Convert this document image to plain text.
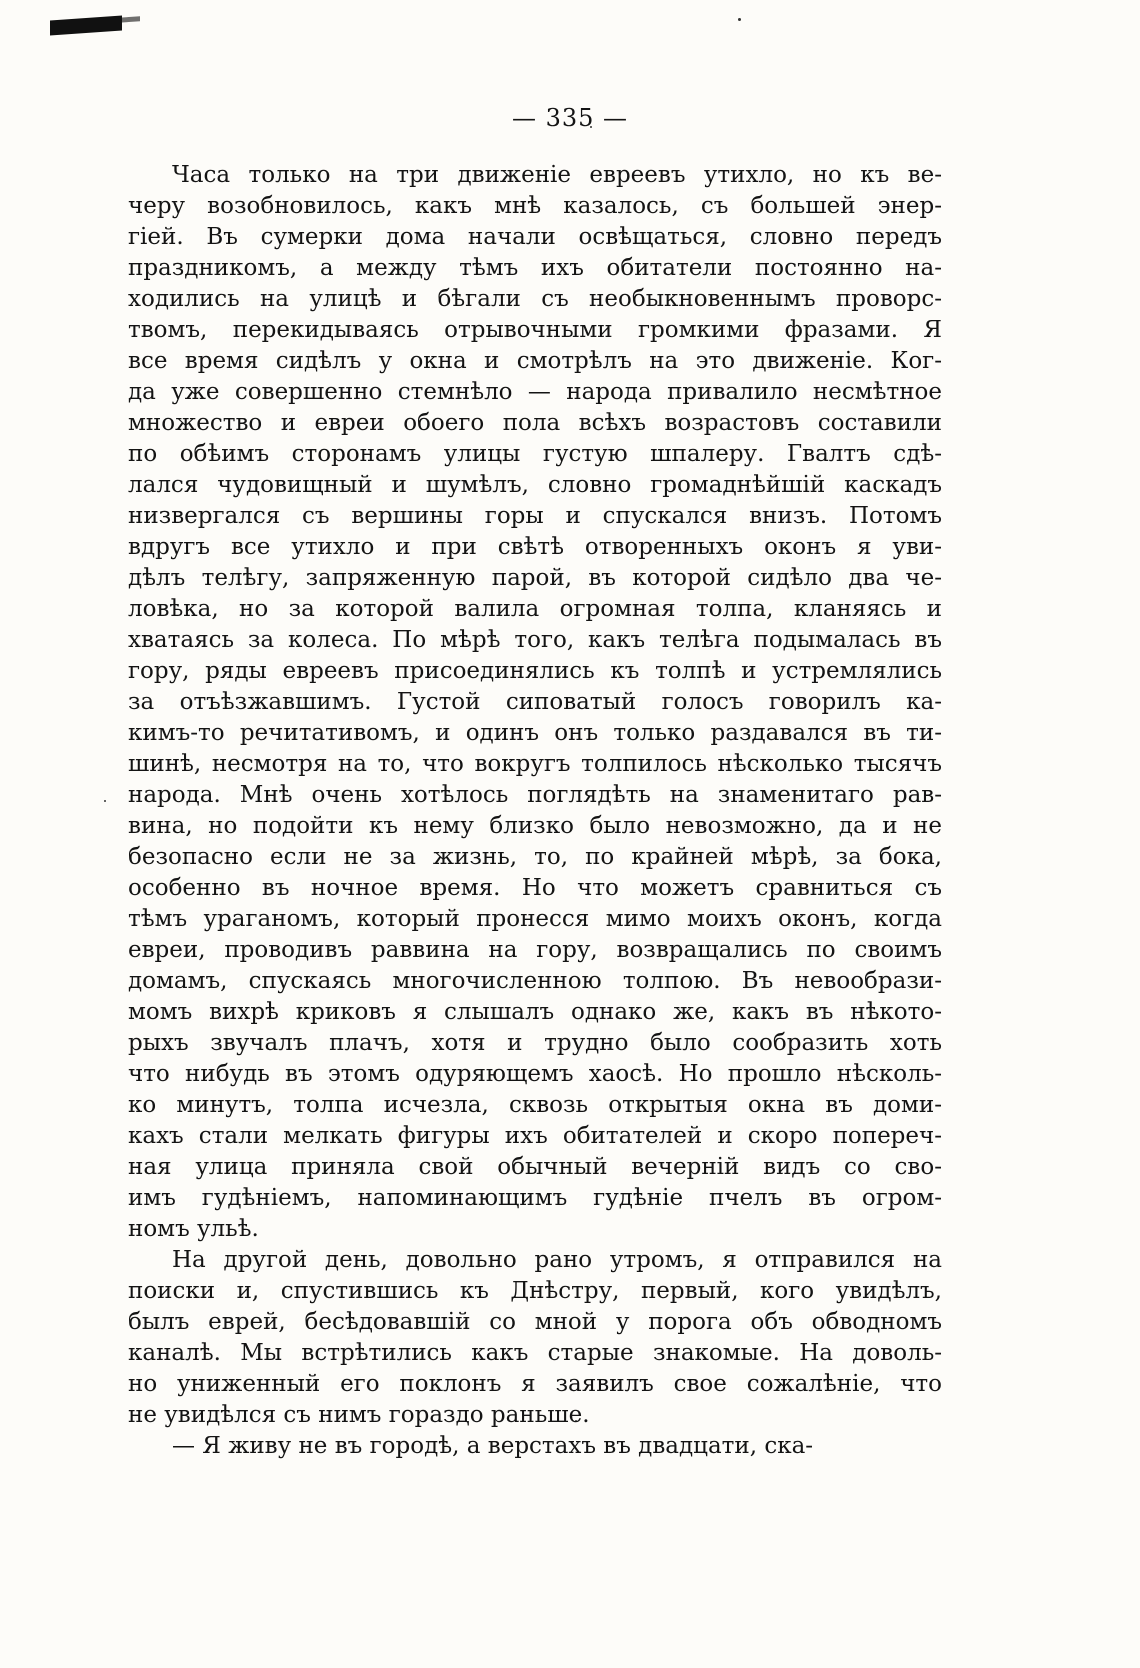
— 335 —
Часа только на три движеніе евреевъ утихло, но къ ве-
черу возобновилось, какъ мнѣ казалось, съ большей энер-
гіей. Въ сумерки дома начали освѣщаться, словно передъ
праздникомъ, а между тѣмъ ихъ обитатели постоянно на-
ходились на улицѣ и бѣгали съ необыкновеннымъ проворс-
твомъ, перекидываясь отрывочными громкими фразами. Я
все время сидѣлъ у окна и смотрѣлъ на это движеніе. Ког-
да уже совершенно стемнѣло — народа привалило несмѣтное
множество и евреи обоего пола всѣхъ возрастовъ составили
по обѣимъ сторонамъ улицы густую шпалеру. Гвалтъ сдѣ-
лался чудовищный и шумѣлъ, словно громаднѣйшій каскадъ
низвергался съ вершины горы и спускался внизъ. Потомъ
вдругъ все утихло и при свѣтѣ отворенныхъ оконъ я уви-
дѣлъ телѣгу, запряженную парой, въ которой сидѣло два че-
ловѣка, но за которой валила огромная толпа, кланяясь и
хватаясь за колеса. По мѣрѣ того, какъ телѣга подымалась въ
гору, ряды евреевъ присоединялись къ толпѣ и устремлялись
за отъѣзжавшимъ. Густой сиповатый голосъ говорилъ ка-
кимъ-то речитативомъ, и одинъ онъ только раздавался въ ти-
шинѣ, несмотря на то, что вокругъ толпилось нѣсколько тысячъ
народа. Мнѣ очень хотѣлось поглядѣть на знаменитаго рав-
вина, но подойти къ нему близко было невозможно, да и не
безопасно если не за жизнь, то, по крайней мѣрѣ, за бока,
особенно въ ночное время. Но что можетъ сравниться съ
тѣмъ ураганомъ, который пронесся мимо моихъ оконъ, когда
евреи, проводивъ раввина на гору, возвращались по своимъ
домамъ, спускаясь многочисленною толпою. Въ невообрази-
момъ вихрѣ криковъ я слышалъ однако же, какъ въ нѣкото-
рыхъ звучалъ плачъ, хотя и трудно было сообразить хоть
что нибудь въ этомъ одуряющемъ хаосѣ. Но прошло нѣсколь-
ко минутъ, толпа исчезла, сквозь открытыя окна въ доми-
кахъ стали мелкать фигуры ихъ обитателей и скоро попереч-
ная улица приняла свой обычный вечерній видъ со сво-
имъ гудѣніемъ, напоминающимъ гудѣніе пчелъ въ огром-
номъ ульѣ.
На другой день, довольно рано утромъ, я отправился на
поиски и, спустившись къ Днѣстру, первый, кого увидѣлъ,
былъ еврей, бесѣдовавшій со мной у порога объ обводномъ
каналѣ. Мы встрѣтились какъ старые знакомые. На доволь-
но униженный его поклонъ я заявилъ свое сожалѣніе, что
не увидѣлся съ нимъ гораздо раньше.
— Я живу не въ городѣ, а верстахъ въ двадцати, ска-
